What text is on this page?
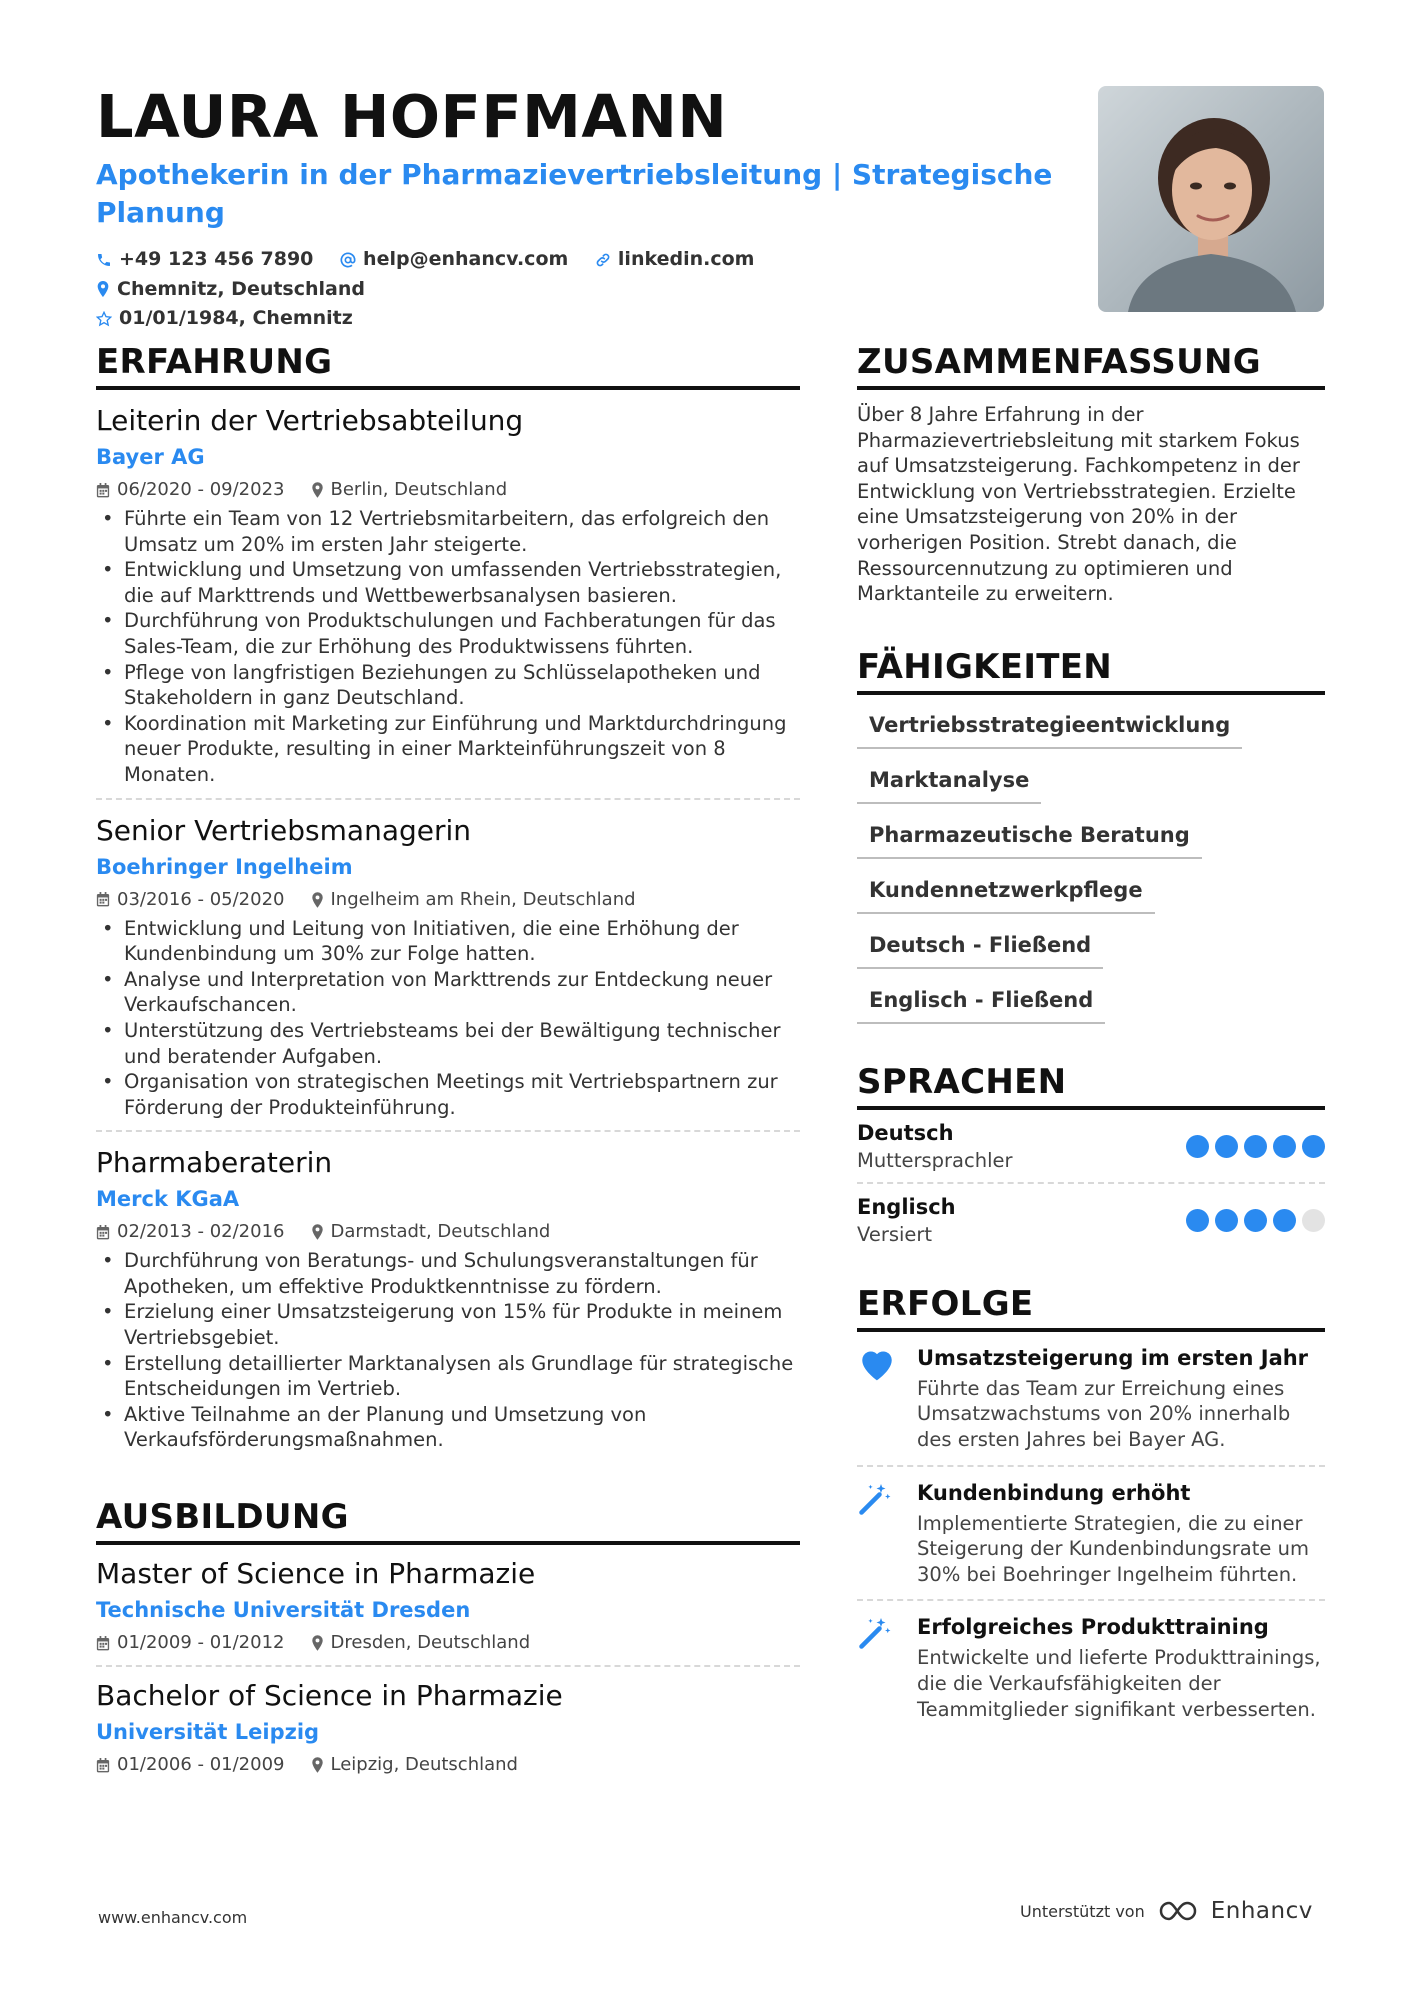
LAURA HOFFMANN
Apothekerin in der Pharmazievertriebsleitung | Strategische Planung
+49 123 456 7890
	help@enhancv.com
	linkedin.com

Chemnitz, Deutschland

01/01/1984, Chemnitz
ERFAHRUNG
Leiterin der Vertriebsabteilung
Bayer AG
06/2020 - 09/2023	Berlin, Deutschland
• Führte ein Team von 12 Vertriebsmitarbeitern, das erfolgreich den Umsatz um 20% im ersten Jahr steigerte.
• Entwicklung und Umsetzung von umfassenden Vertriebsstrategien, die auf Markttrends und Wettbewerbsanalysen basieren.
• Durchführung von Produktschulungen und Fachberatungen für das Sales-Team, die zur Erhöhung des Produktwissens führten.
• Pflege von langfristigen Beziehungen zu Schlüsselapotheken und Stakeholdern in ganz Deutschland.
• Koordination mit Marketing zur Einführung und Marktdurchdringung neuer Produkte, resulting in einer Markteinführungszeit von 8 Monaten.
Senior Vertriebsmanagerin
Boehringer Ingelheim
03/2016 - 05/2020	Ingelheim am Rhein, Deutschland
• Entwicklung und Leitung von Initiativen, die eine Erhöhung der Kundenbindung um 30% zur Folge hatten.
• Analyse und Interpretation von Markttrends zur Entdeckung neuer Verkaufschancen.
• Unterstützung des Vertriebsteams bei der Bewältigung technischer und beratender Aufgaben.
• Organisation von strategischen Meetings mit Vertriebspartnern zur Förderung der Produkteinführung.
Pharmaberaterin
Merck KGaA
02/2013 - 02/2016	Darmstadt, Deutschland
• Durchführung von Beratungs- und Schulungsveranstaltungen für Apotheken, um effektive Produktkenntnisse zu fördern.
• Erzielung einer Umsatzsteigerung von 15% für Produkte in meinem Vertriebsgebiet.
• Erstellung detaillierter Marktanalysen als Grundlage für strategische Entscheidungen im Vertrieb.
• Aktive Teilnahme an der Planung und Umsetzung von Verkaufsförderungsmaßnahmen.
AUSBILDUNG
Master of Science in Pharmazie
Technische Universität Dresden
01/2009 - 01/2012	Dresden, Deutschland
Bachelor of Science in Pharmazie
Universität Leipzig
01/2006 - 01/2009	Leipzig, Deutschland
ZUSAMMENFASSUNG
Über 8 Jahre Erfahrung in der Pharmazievertriebsleitung mit starkem Fokus auf Umsatzsteigerung. Fachkompetenz in der Entwicklung von Vertriebsstrategien. Erzielte eine Umsatzsteigerung von 20% in der vorherigen Position. Strebt danach, die Ressourcennutzung zu optimieren und Marktanteile zu erweitern.
FÄHIGKEITEN
Vertriebsstrategieentwicklung
Marktanalyse
Pharmazeutische Beratung
Kundennetzwerkpflege
Deutsch - Fließend
Englisch - Fließend
SPRACHEN
Deutsch
Muttersprachler
Englisch
Versiert
ERFOLGE
Umsatzsteigerung im ersten Jahr
Führte das Team zur Erreichung eines Umsatzwachstums von 20% innerhalb des ersten Jahres bei Bayer AG.
Kundenbindung erhöht
Implementierte Strategien, die zu einer Steigerung der Kundenbindungsrate um 30% bei Boehringer Ingelheim führten.
Erfolgreiches Produkttraining
Entwickelte und lieferte Produkttrainings, die die Verkaufsfähigkeiten der Teammitglieder signifikant verbesserten.
www.enhancv.com	Unterstützt von	Enhancv
